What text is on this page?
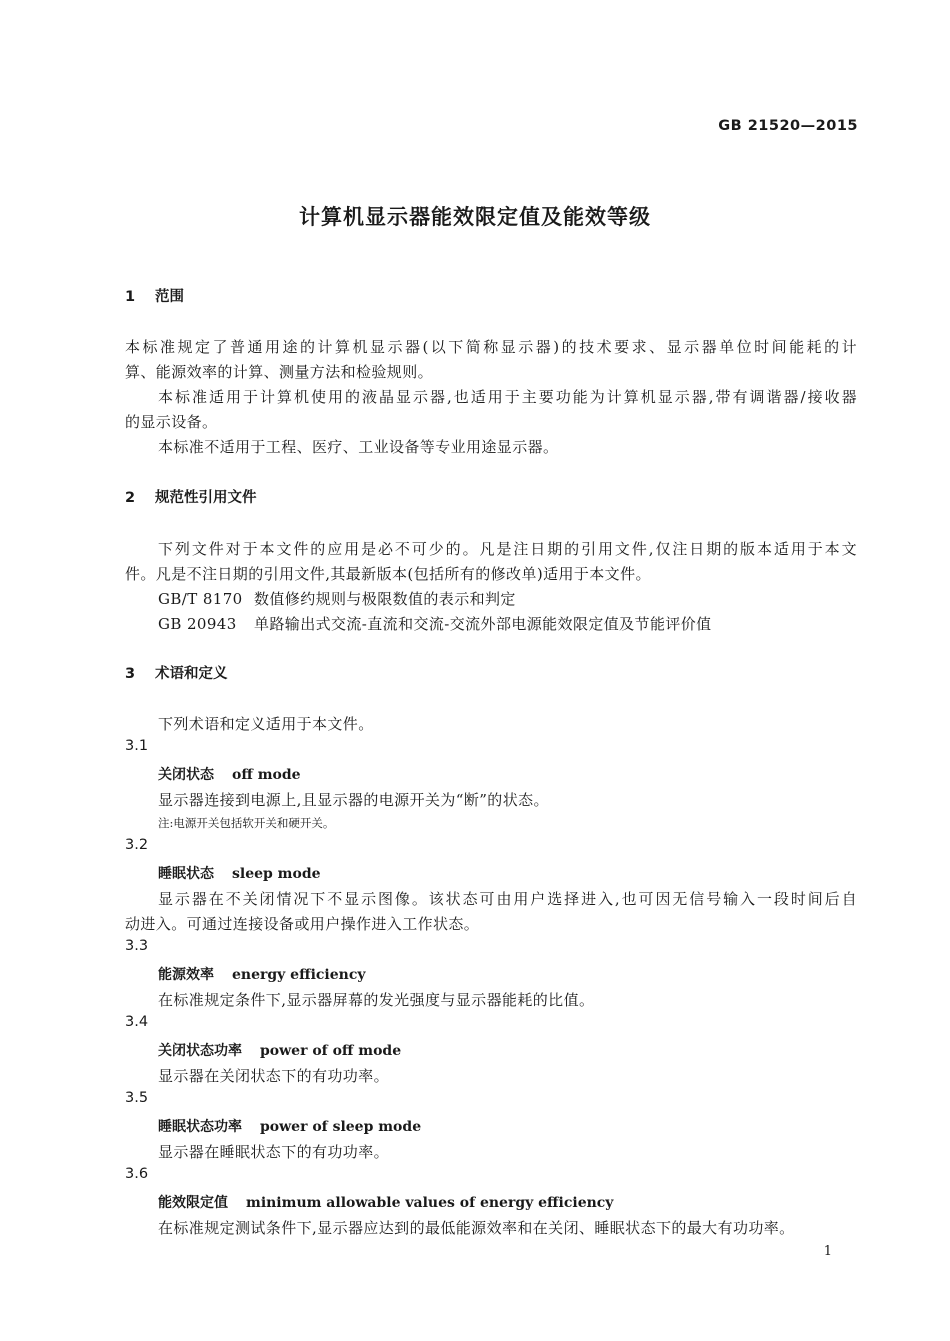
GB 21520—2015
计算机显示器能效限定值及能效等级
1 范围
本标准规定了普通用途的计算机显示器(以下简称显示器)的技术要求、显示器单位时间能耗的计
算、能源效率的计算、测量方法和检验规则。
本标准适用于计算机使用的液晶显示器,也适用于主要功能为计算机显示器,带有调谐器/接收器
的显示设备。
本标准不适用于工程、医疗、工业设备等专业用途显示器。
2 规范性引用文件
下列文件对于本文件的应用是必不可少的。凡是注日期的引用文件,仅注日期的版本适用于本文
件。凡是不注日期的引用文件,其最新版本(包括所有的修改单)适用于本文件。
GB/T 8170 数值修约规则与极限数值的表示和判定
GB 20943 单路输出式交流-直流和交流-交流外部电源能效限定值及节能评价值
3 术语和定义
下列术语和定义适用于本文件。
3.1
关闭状态 off mode
显示器连接到电源上,且显示器的电源开关为“断”的状态。
注:电源开关包括软开关和硬开关。
3.2
睡眠状态 sleep mode
显示器在不关闭情况下不显示图像。该状态可由用户选择进入,也可因无信号输入一段时间后自
动进入。可通过连接设备或用户操作进入工作状态。
3.3
能源效率 energy efficiency
在标准规定条件下,显示器屏幕的发光强度与显示器能耗的比值。
3.4
关闭状态功率 power of off mode
显示器在关闭状态下的有功功率。
3.5
睡眠状态功率 power of sleep mode
显示器在睡眠状态下的有功功率。
3.6
能效限定值 minimum allowable values of energy efficiency
在标准规定测试条件下,显示器应达到的最低能源效率和在关闭、睡眠状态下的最大有功功率。
1
